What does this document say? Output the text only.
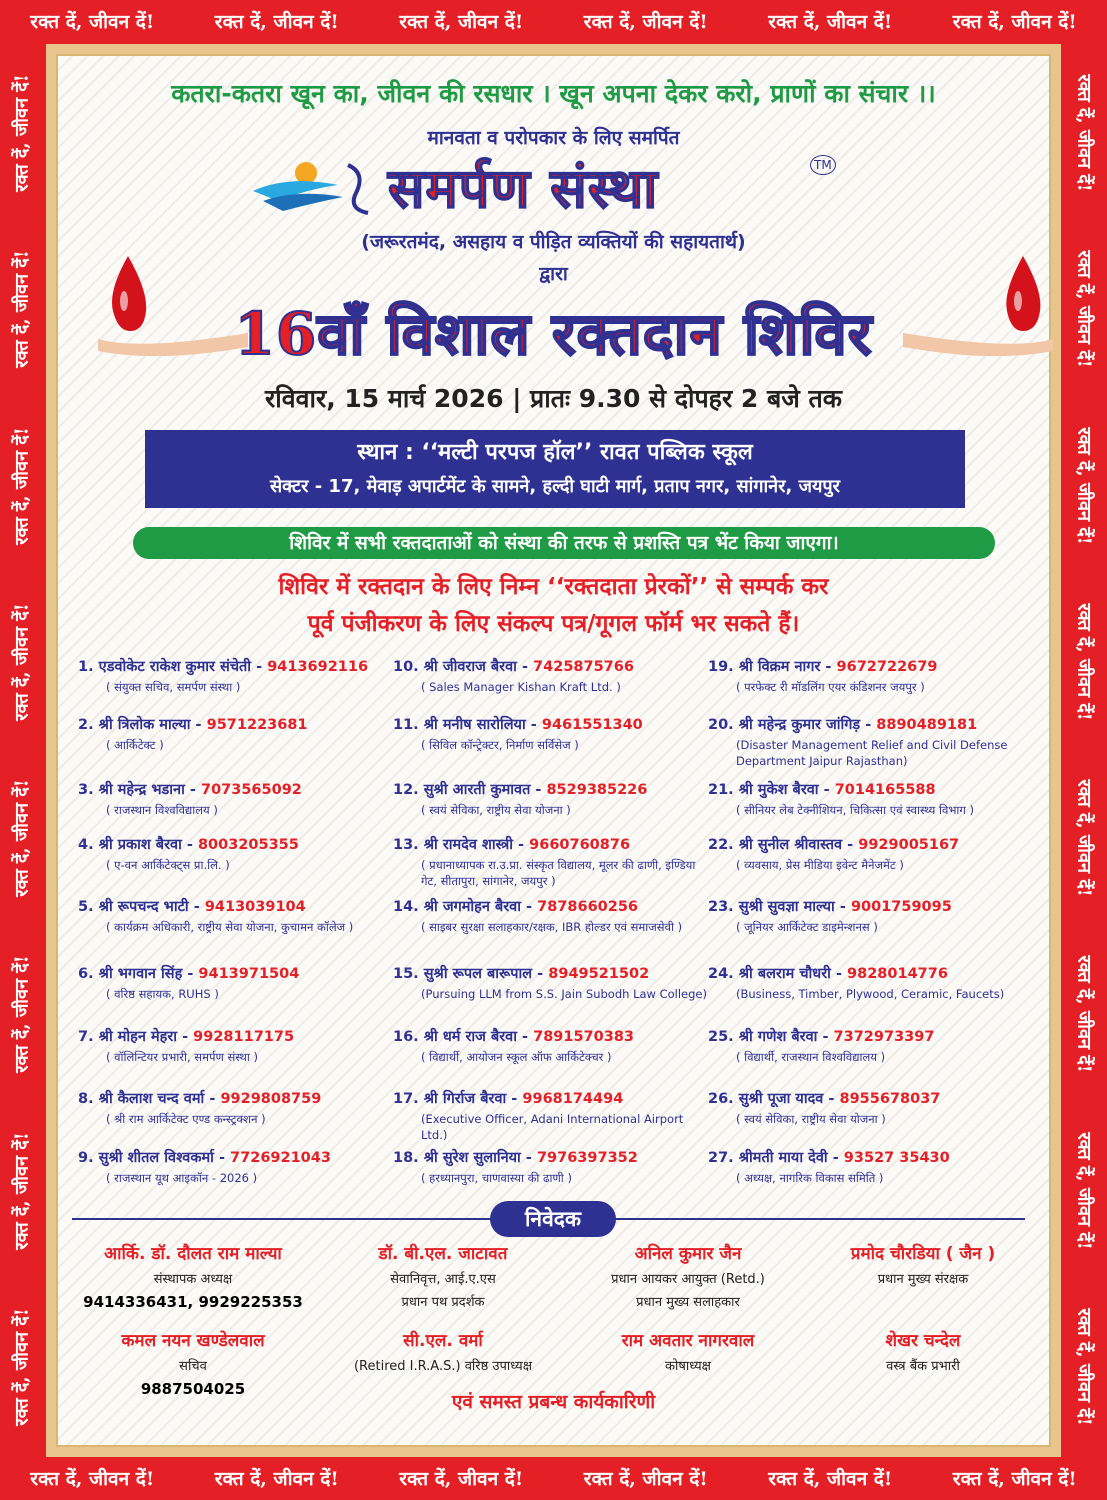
रक्त दें, जीवन दें!	रक्त दें, जीवन दें!	रक्त दें, जीवन दें!	रक्त दें, जीवन दें!	रक्त दें, जीवन दें!	रक्त दें, जीवन दें!
रक्त दें, जीवन दें!
रक्त दें, जीवन दें!
रक्त दें, जीवन दें!
रक्त दें, जीवन दें!
रक्त दें, जीवन दें!
रक्त दें, जीवन दें!
रक्त दें, जीवन दें!
रक्त दें, जीवन दें!
रक्त दें, जीवन दें!
रक्त दें, जीवन दें!
रक्त दें, जीवन दें!
रक्त दें, जीवन दें!
रक्त दें, जीवन दें!
रक्त दें, जीवन दें!
रक्त दें, जीवन दें!
रक्त दें, जीवन दें!
रक्त दें, जीवन दें!	रक्त दें, जीवन दें!	रक्त दें, जीवन दें!	रक्त दें, जीवन दें!	रक्त दें, जीवन दें!	रक्त दें, जीवन दें!
कतरा-कतरा खून का, जीवन की रसधार । खून अपना देकर करो, प्राणों का संचार ।।
मानवता व परोपकार के लिए समर्पित
समर्पण संस्था	TM
(जरूरतमंद, असहाय व पीड़ित व्यक्तियों की सहायतार्थ)
द्वारा
16वाँ विशाल रक्तदान शिविर
रविवार, 15 मार्च 2026 | प्रातः 9.30 से दोपहर 2 बजे तक
स्थान : ‘‘मल्टी परपज हॉल’’ रावत पब्लिक स्कूल
सेक्टर - 17, मेवाड़ अपार्टमेंट के सामने, हल्दी घाटी मार्ग, प्रताप नगर, सांगानेर, जयपुर
शिविर में सभी रक्तदाताओं को संस्था की तरफ से प्रशस्ति पत्र भेंट किया जाएगा।
शिविर में रक्तदान के लिए निम्न ‘‘रक्तदाता प्रेरकों’’ से सम्पर्क कर
पूर्व पंजीकरण के लिए संकल्प पत्र/गूगल फॉर्म भर सकते हैं।
1. एडवोकेट राकेश कुमार संचेती - 9413692116
( संयुक्त सचिव, समर्पण संस्था )
2. श्री त्रिलोक माल्या - 9571223681
( आर्किटेक्ट )
3. श्री महेन्द्र भडाना - 7073565092
( राजस्थान विश्वविद्यालय )
4. श्री प्रकाश बैरवा - 8003205355
( ए-वन आर्किटेक्ट्स प्रा.लि. )
5. श्री रूपचन्द भाटी - 9413039104
( कार्यक्रम अधिकारी, राष्ट्रीय सेवा योजना, कुचामन कॉलेज )
6. श्री भगवान सिंह - 9413971504
( वरिष्ठ सहायक, RUHS )
7. श्री मोहन मेहरा - 9928117175
( वॉलिन्टियर प्रभारी, समर्पण संस्था )
8. श्री कैलाश चन्द वर्मा - 9929808759
( श्री राम आर्किटेक्ट एण्ड कन्स्ट्रक्शन )
9. सुश्री शीतल विश्वकर्मा - 7726921043
( राजस्थान यूथ आइकॉन - 2026 )
10. श्री जीवराज बैरवा - 7425875766
( Sales Manager Kishan Kraft Ltd. )
11. श्री मनीष सारोलिया - 9461551340
( सिविल कॉन्ट्रेक्टर, निर्माण सर्विसेज )
12. सुश्री आरती कुमावत - 8529385226
( स्वयं सेविका, राष्ट्रीय सेवा योजना )
13. श्री रामदेव शास्त्री - 9660760876
( प्रधानाध्यापक रा.उ.प्रा. संस्कृत विद्यालय, मूलर की ढाणी, इण्डिया गेट, सीतापुरा, सांगानेर, जयपुर )
14. श्री जगमोहन बैरवा - 7878660256
( साइबर सुरक्षा सलाहकार/रक्षक, IBR होल्डर एवं समाजसेवी )
15. सुश्री रूपल बारूपाल - 8949521502
(Pursuing LLM from S.S. Jain Subodh Law College)
16. श्री धर्म राज बैरवा - 7891570383
( विद्यार्थी, आयोजन स्कूल ऑफ आर्किटेक्चर )
17. श्री गिर्राज बैरवा - 9968174494
(Executive Officer, Adani International Airport Ltd.)
18. श्री सुरेश सुलानिया - 7976397352
( हरध्यानपुरा, चाणवास्या की ढाणी )
19. श्री विक्रम नागर - 9672722679
( परफेक्ट री मॉडलिंग एयर कंडिशनर जयपुर )
20. श्री महेन्द्र कुमार जांगिड़ - 8890489181
(Disaster Management Relief and Civil Defense Department Jaipur Rajasthan)
21. श्री मुकेश बैरवा - 7014165588
( सीनियर लेब टेक्नीशियन, चिकित्सा एवं स्वास्थ्य विभाग )
22. श्री सुनील श्रीवास्तव - 9929005167
( व्यवसाय, प्रेस मीडिया इवेन्ट मैनेजमेंट )
23. सुश्री सुवज्ञा माल्या - 9001759095
( जूनियर आर्किटेक्ट डाइमेन्शनस )
24. श्री बलराम चौधरी - 9828014776
(Business, Timber, Plywood, Ceramic, Faucets)
25. श्री गणेश बैरवा - 7372973397
( विद्यार्थी, राजस्थान विश्वविद्यालय )
26. सुश्री पूजा यादव - 8955678037
( स्वयं सेविका, राष्ट्रीय सेवा योजना )
27. श्रीमती माया देवी - 93527 35430
( अध्यक्ष, नागरिक विकास समिति )
निवेदक
आर्कि. डॉ. दौलत राम माल्या
संस्थापक अध्यक्ष
9414336431, 9929225353
डॉ. बी.एल. जाटावत
सेवानिवृत्त, आई.ए.एस
प्रधान पथ प्रदर्शक
अनिल कुमार जैन
प्रधान आयकर आयुक्त (Retd.)
प्रधान मुख्य सलाहकार
प्रमोद चौरडिया ( जैन )
प्रधान मुख्य संरक्षक
कमल नयन खण्डेलवाल
सचिव
9887504025
सी.एल. वर्मा
(Retired I.R.A.S.) वरिष्ठ उपाध्यक्ष
राम अवतार नागरवाल
कोषाध्यक्ष
शेखर चन्देल
वस्त्र बैंक प्रभारी
एवं समस्त प्रबन्ध कार्यकारिणी
